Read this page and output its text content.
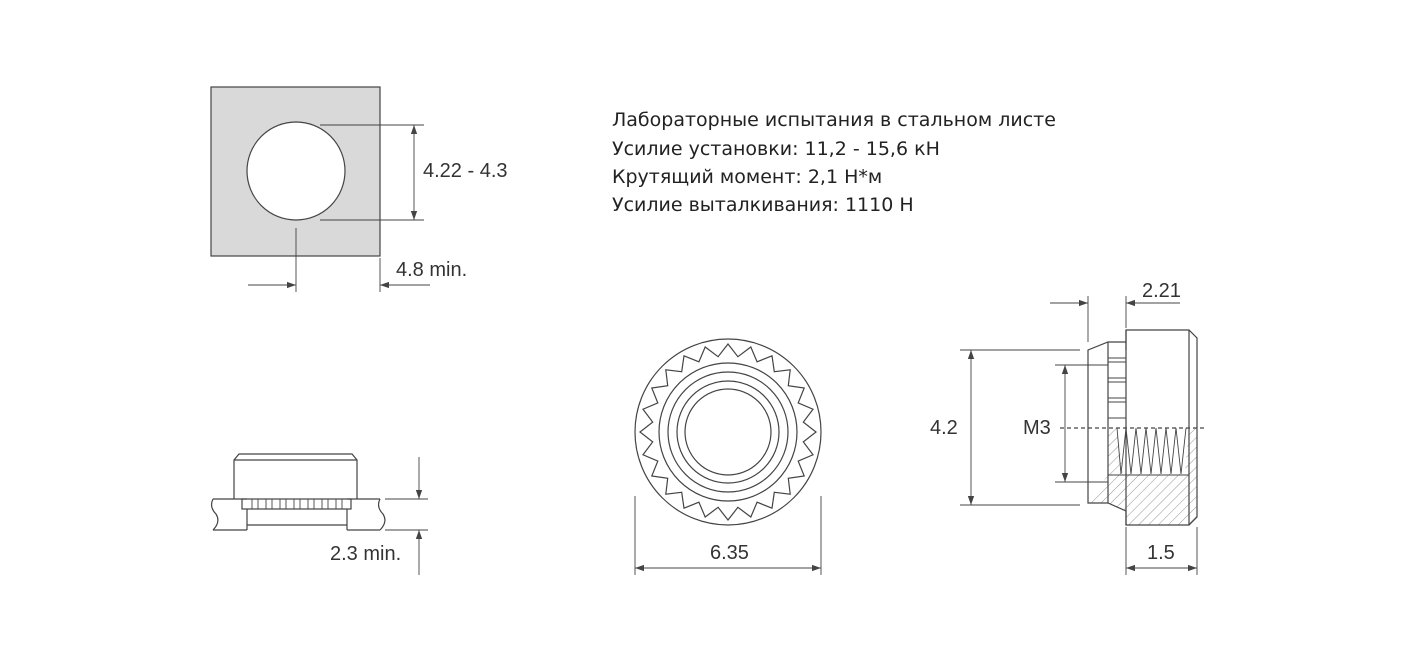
4.22 - 4.3
4.8 min.
Лабораторные испытания в стальном листе
Усилие установки: 11,2 - 15,6 кН
Крутящий момент: 2,1 Н*м
Усилие выталкивания: 1110 Н
2.3 min.	6.35
4.2	M3
2.21
1.5
